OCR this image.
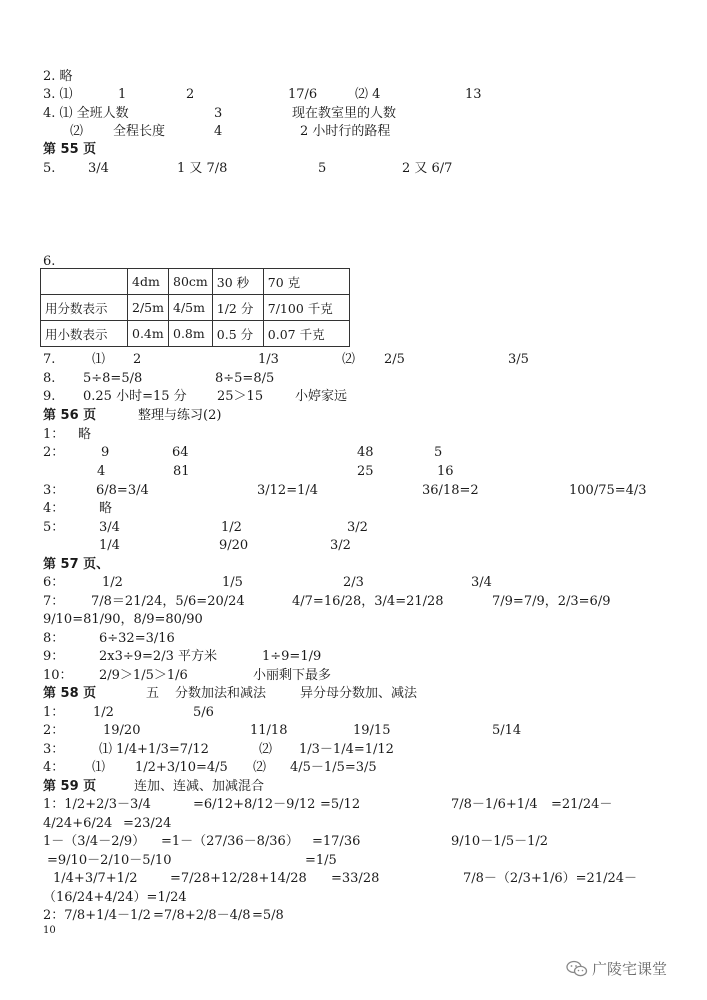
2. 略
3. ⑴	1	2	17/6	⑵ 4	13
4. ⑴ 全班人数	3	现在教室里的人数
⑵ 全程长度	4	2 小时行的路程
第 55 页
5.	3/4	1 又 7/8	5	2 又 6/7
6.
	4dm	80cm	30 秒	70 克
用分数表示	2/5m	4/5m	1/2 分	7/100 千克
用小数表示	0.4m	0.8m	0.5 分	0.07 千克
7.	⑴ 2	1/3	⑵ 2/5	3/5
8. 5÷8=5/8	8÷5=8/5
9. 0.25 小时=15 分 25＞15 小婷家远
第 56 页	整理与练习(2)
1： 略
2：	9	64	48	5
4	81	25	16
3： 6/8=3/4	3/12=1/4	36/18=2	100/75=4/3
4：	略
5：	3/4	1/2	3/2
1/4	9/20	3/2
第 57 页、
6：	1/2	1/5	2/3	3/4
7： 7/8＝21/24，5/6=20/24	4/7=16/28，3/4=21/28	7/9=7/9，2/3=6/9
9/10=81/90，8/9=80/90
8：	6÷32=3/16
9：	2x3÷9=2/3 平方米	1÷9=1/9
10： 2/9＞1/5＞1/6	小丽剩下最多
第 58 页	五 分数加法和减法	异分母分数加、减法
1： 1/2	5/6
2：	19/20	11/18	19/15	5/14
3：	⑴ 1/4+1/3=7/12	⑵ 1/3－1/4=1/12
4： ⑴ 1/2+3/10=4/5 ⑵ 4/5－1/5=3/5
第 59 页	连加、连减、加减混合
1：1/2+2/3－3/4	=6/12+8/12－9/12 =5/12	7/8－1/6+1/4 =21/24－
4/24+6/24 =23/24
1－（3/4－2/9） =1－（27/36－8/36） =17/36	9/10－1/5－1/2
=9/10－2/10－5/10	=1/5
1/4+3/7+1/2 =7/28+12/28+14/28 =33/28	7/8－（2/3+1/6）=21/24－
（16/24+4/24）=1/24
2：7/8+1/4－1/2 =7/8+2/8－4/8 =5/8
10
广陵宅课堂
